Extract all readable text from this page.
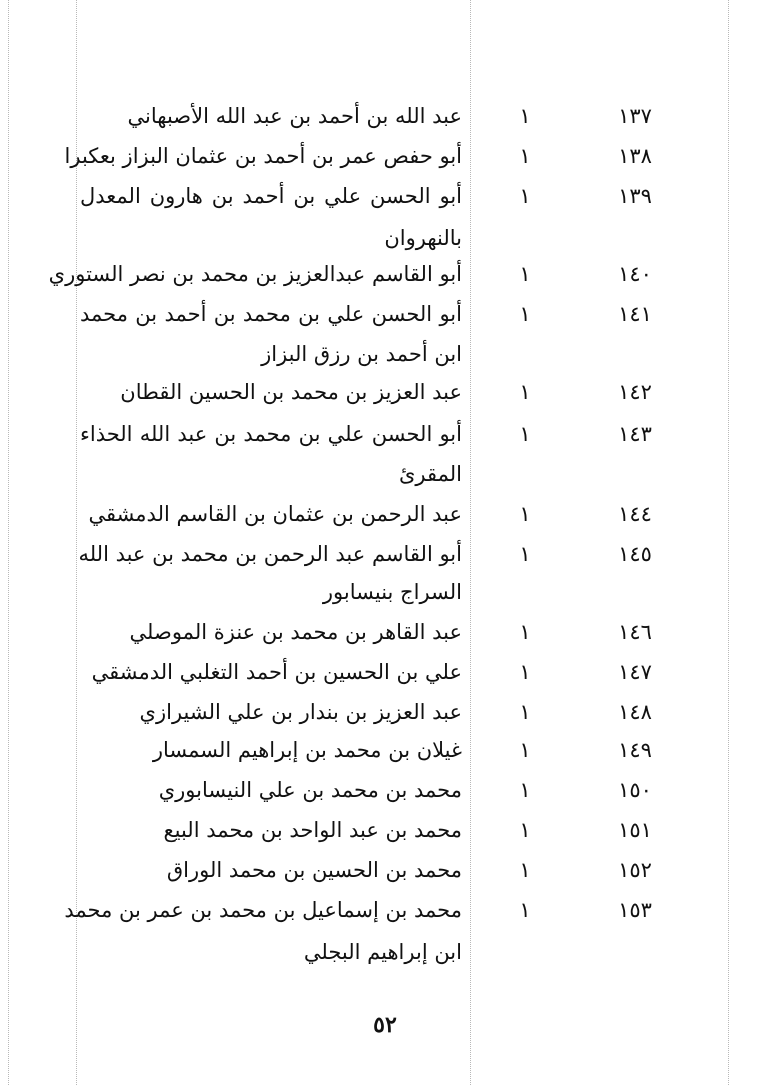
١٣٧
١
عبد الله بن أحمد بن عبد الله الأصبهاني
١٣٨
١
أبو حفص عمر بن أحمد بن عثمان البزاز بعكبرا
١٣٩
١
أبو الحسن علي بن أحمد بن هارون المعدل
بالنهروان
١٤٠
١
أبو القاسم عبدالعزيز بن محمد بن نصر الستوري
١٤١
١
أبو الحسن علي بن محمد بن أحمد بن محمد
ابن أحمد بن رزق البزاز
١٤٢
١
عبد العزيز بن محمد بن الحسين القطان
١٤٣
١
أبو الحسن علي بن محمد بن عبد الله الحذاء
المقرئ
١٤٤
١
عبد الرحمن بن عثمان بن القاسم الدمشقي
١٤٥
١
أبو القاسم عبد الرحمن بن محمد بن عبد الله
السراج بنيسابور
١٤٦
١
عبد القاهر بن محمد بن عنزة الموصلي
١٤٧
١
علي بن الحسين بن أحمد التغلبي الدمشقي
١٤٨
١
عبد العزيز بن بندار بن علي الشيرازي
١٤٩
١
غيلان بن محمد بن إبراهيم السمسار
١٥٠
١
محمد بن محمد بن علي النيسابوري
١٥١
١
محمد بن عبد الواحد بن محمد البيع
١٥٢
١
محمد بن الحسين بن محمد الوراق
١٥٣
١
محمد بن إسماعيل بن محمد بن عمر بن محمد
ابن إبراهيم البجلي
٥٢
